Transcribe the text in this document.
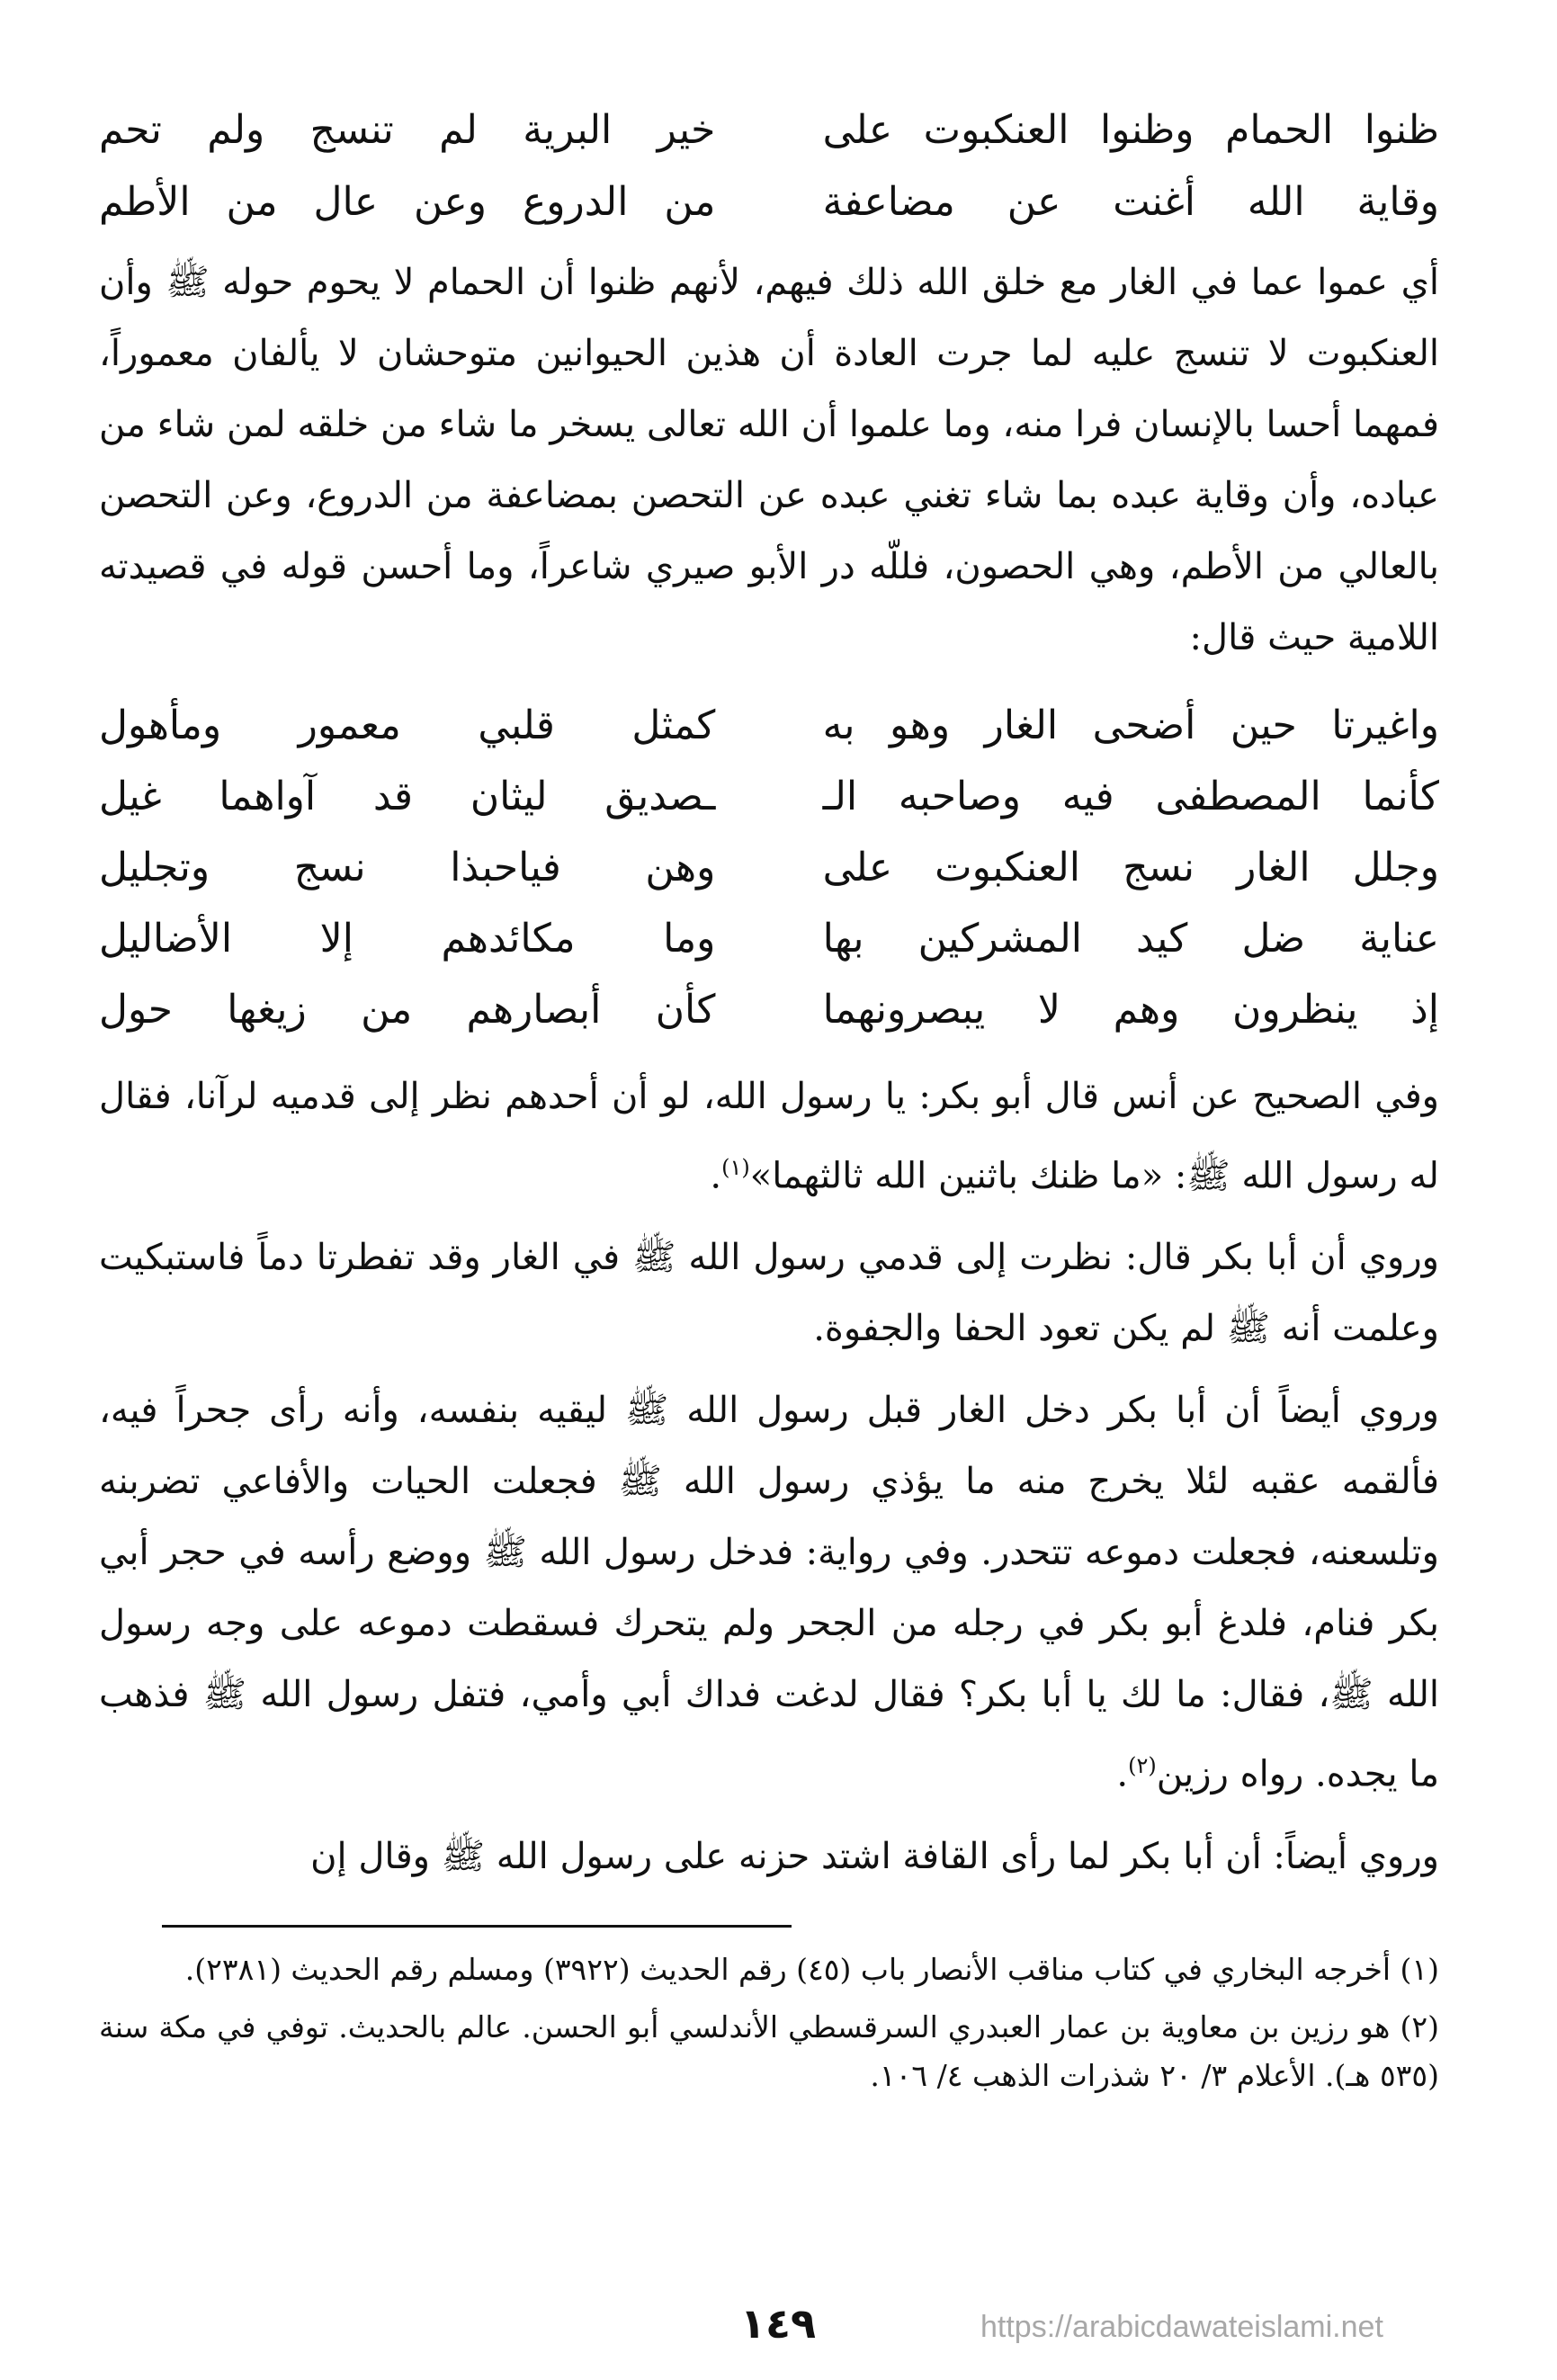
ظنوا الحمام وظنوا العنكبوت على
خير البرية لم تنسج ولم تحم
وقاية الله أغنت عن مضاعفة
من الدروع وعن عال من الأطم

أي عموا عما في الغار مع خلق الله ذلك فيهم، لأنهم ظنوا أن الحمام لا يحوم حوله ﷺ وأن العنكبوت لا تنسج عليه لما جرت العادة أن هذين الحيوانين متوحشان لا يألفان معموراً، فمهما أحسا بالإنسان فرا منه، وما علموا أن الله تعالى يسخر ما شاء من خلقه لمن شاء من عباده، وأن وقاية عبده بما شاء تغني عبده عن التحصن بمضاعفة من الدروع، وعن التحصن بالعالي من الأطم، وهي الحصون، فللّه در الأبو صيري شاعراً، وما أحسن قوله في قصيدته اللامية حيث قال:

واغيرتا حين أضحى الغار وهو به
كمثل قلبي معمور ومأهول
كأنما المصطفى فيه وصاحبه الـ
ـصديق ليثان قد آواهما غيل
وجلل الغار نسج العنكبوت على
وهن فياحبذا نسج وتجليل
عناية ضل كيد المشركين بها
وما مكائدهم إلا الأضاليل
إذ ينظرون وهم لا يبصرونهما
كأن أبصارهم من زيغها حول

وفي الصحيح عن أنس قال أبو بكر: يا رسول الله، لو أن أحدهم نظر إلى قدميه لرآنا، فقال له رسول الله ﷺ: «ما ظنك باثنين الله ثالثهما»$^{(١)}$.

وروي أن أبا بكر قال: نظرت إلى قدمي رسول الله ﷺ في الغار وقد تفطرتا دماً فاستبكيت وعلمت أنه ﷺ لم يكن تعود الحفا والجفوة.

وروي أيضاً أن أبا بكر دخل الغار قبل رسول الله ﷺ ليقيه بنفسه، وأنه رأى جحراً فيه، فألقمه عقبه لئلا يخرج منه ما يؤذي رسول الله ﷺ فجعلت الحيات والأفاعي تضربنه وتلسعنه، فجعلت دموعه تتحدر. وفي رواية: فدخل رسول الله ﷺ ووضع رأسه في حجر أبي بكر فنام، فلدغ أبو بكر في رجله من الجحر ولم يتحرك فسقطت دموعه على وجه رسول الله ﷺ، فقال: ما لك يا أبا بكر؟ فقال لدغت فداك أبي وأمي، فتفل رسول الله ﷺ فذهب ما يجده. رواه رزين$^{(٢)}$.

وروي أيضاً: أن أبا بكر لما رأى القافة اشتد حزنه على رسول الله ﷺ وقال إن

(١) أخرجه البخاري في كتاب مناقب الأنصار باب (٤٥) رقم الحديث (٣٩٢٢) ومسلم رقم الحديث (٢٣٨١).

(٢) هو رزين بن معاوية بن عمار العبدري السرقسطي الأندلسي أبو الحسن. عالم بالحديث. توفي في مكة سنة (٥٣٥ هـ). الأعلام ٣/ ٢٠ شذرات الذهب ٤/ ١٠٦.

١٤٩	https://arabicdawateislami.net
